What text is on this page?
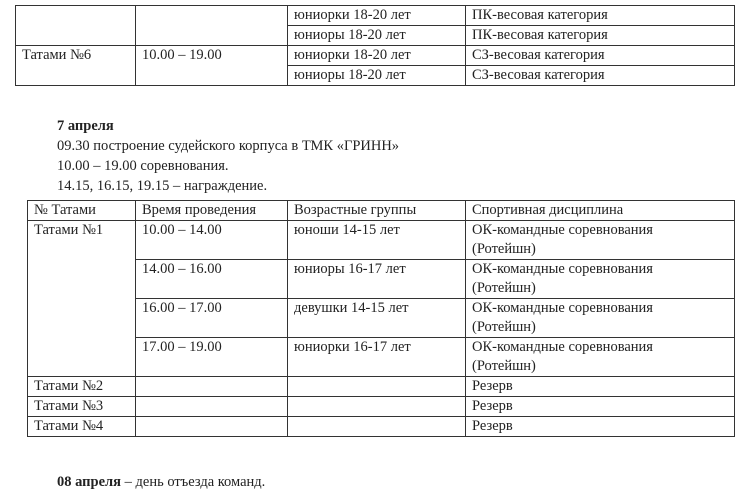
		юниорки 18-20 лет	ПК-весовая категория
		юниоры 18-20 лет	ПК-весовая категория
Татами №6	10.00 – 19.00	юниорки 18-20 лет	СЗ-весовая категория
		юниоры 18-20 лет	СЗ-весовая категория
7 апреля
09.30 построение судейского корпуса в ТМК «ГРИНН»
10.00 – 19.00 соревнования.
14.15, 16.15, 19.15 – награждение.
№ Татами	Время проведения	Возрастные группы	Спортивная дисциплина
Татами №1	10.00 – 14.00	юноши 14-15 лет	ОК-командные соревнования
(Ротейшн)
	14.00 – 16.00	юниоры 16-17 лет	ОК-командные соревнования
(Ротейшн)
	16.00 – 17.00	девушки 14-15 лет	ОК-командные соревнования
(Ротейшн)
	17.00 – 19.00	юниорки 16-17 лет	ОК-командные соревнования
(Ротейшн)
Татами №2			Резерв
Татами №3			Резерв
Татами №4			Резерв
08 апреля – день отъезда команд.
